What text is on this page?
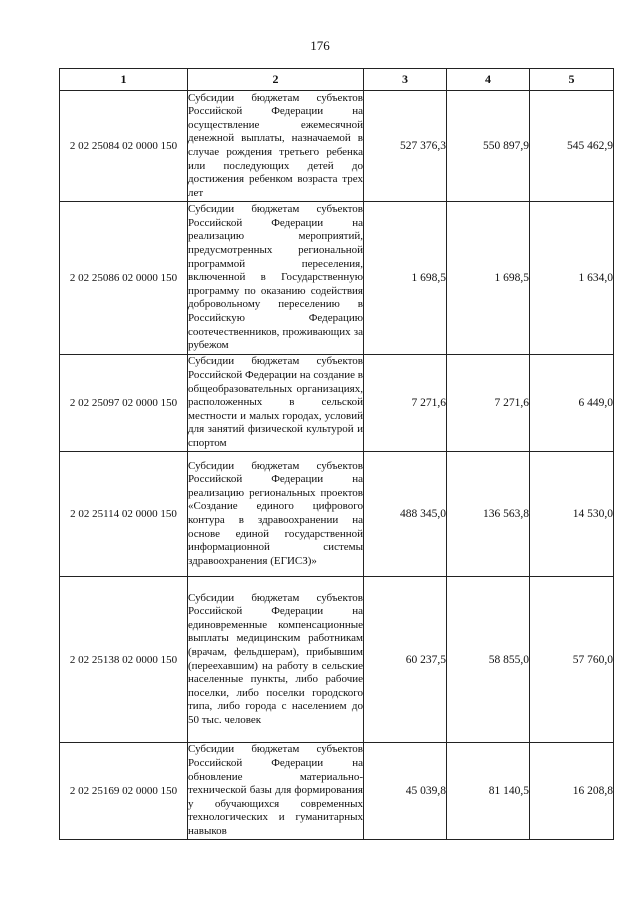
176
1	2	3	4	5
2 02 25084 02 0000 150	Субсидии бюджетам субъектов Российской Федерации на осуществление ежемесячной денежной выплаты, назначаемой в случае рождения третьего ребенка или последующих детей до достижения ребенком возраста трех лет	527 376,3	550 897,9	545 462,9
2 02 25086 02 0000 150	Субсидии бюджетам субъектов Российской Федерации на реализацию мероприятий, предусмотренных региональной программой переселения, включенной в Государственную программу по оказанию содействия добровольному переселению в Российскую Федерацию соотечественников, проживающих за рубежом	1 698,5	1 698,5	1 634,0
2 02 25097 02 0000 150	Субсидии бюджетам субъектов Российской Федерации на создание в общеобразовательных организациях, расположенных в сельской местности и малых городах, условий для занятий физической культурой и спортом	7 271,6	7 271,6	6 449,0
2 02 25114 02 0000 150	Субсидии бюджетам субъектов Российской Федерации на реализацию региональных проектов «Создание единого цифрового контура в здравоохранении на основе единой государственной информационной системы здравоохранения (ЕГИСЗ)»	488 345,0	136 563,8	14 530,0
2 02 25138 02 0000 150	Субсидии бюджетам субъектов Российской Федерации на единовременные компенсационные выплаты медицинским работникам (врачам, фельдшерам), прибывшим (переехавшим) на работу в сельские населенные пункты, либо рабочие поселки, либо поселки городского типа, либо города с населением до 50 тыс. человек	60 237,5	58 855,0	57 760,0
2 02 25169 02 0000 150	Субсидии бюджетам субъектов Российской Федерации на обновление материально-технической базы для формирования у обучающихся современных технологических и гуманитарных навыков	45 039,8	81 140,5	16 208,8
